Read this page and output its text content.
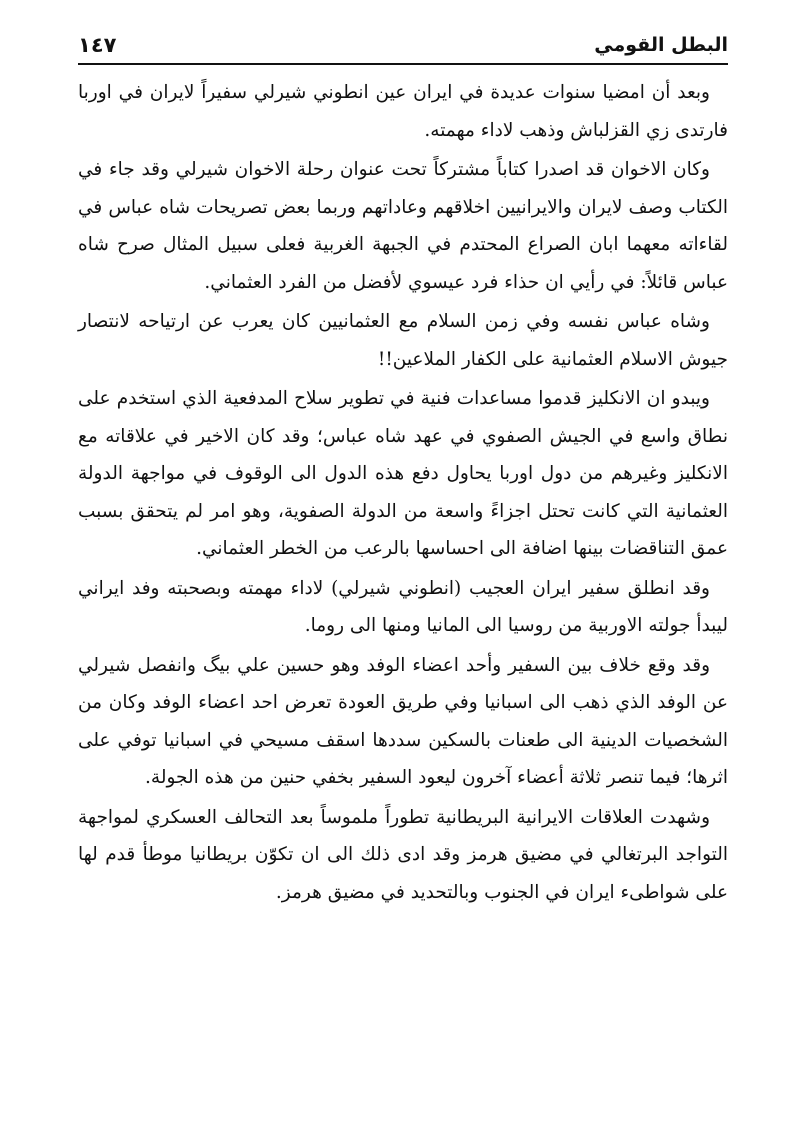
البطل القومي
١٤٧

وبعد أن امضيا سنوات عديدة في ايران عين انطوني شيرلي سفيراً لايران في اوربا فارتدى زي القزلباش وذهب لاداء مهمته.

وكان الاخوان قد اصدرا كتاباً مشتركاً تحت عنوان رحلة الاخوان شيرلي وقد جاء في الكتاب وصف لايران والايرانيين اخلاقهم وعاداتهم وربما بعض تصريحات شاه عباس في لقاءاته معهما ابان الصراع المحتدم في الجبهة الغربية فعلى سبيل المثال صرح شاه عباس قائلاً: في رأيي ان حذاء فرد عيسوي لأفضل من الفرد العثماني.

وشاه عباس نفسه وفي زمن السلام مع العثمانيين كان يعرب عن ارتياحه لانتصار جيوش الاسلام العثمانية على الكفار الملاعين!!

ويبدو ان الانكليز قدموا مساعدات فنية في تطوير سلاح المدفعية الذي استخدم على نطاق واسع في الجيش الصفوي في عهد شاه عباس؛ وقد كان الاخير في علاقاته مع الانكليز وغيرهم من دول اوربا يحاول دفع هذه الدول الى الوقوف في مواجهة الدولة العثمانية التي كانت تحتل اجزاءً واسعة من الدولة الصفوية، وهو امر لم يتحقق بسبب عمق التناقضات بينها اضافة الى احساسها بالرعب من الخطر العثماني.

وقد انطلق سفير ايران العجيب (انطوني شيرلي) لاداء مهمته وبصحبته وفد ايراني ليبدأ جولته الاوربية من روسيا الى المانيا ومنها الى روما.

وقد وقع خلاف بين السفير وأحد اعضاء الوفد وهو حسين علي بيگ وانفصل شيرلي عن الوفد الذي ذهب الى اسبانيا وفي طريق العودة تعرض احد اعضاء الوفد وكان من الشخصيات الدينية الى طعنات بالسكين سددها اسقف مسيحي في اسبانيا توفي على اثرها؛ فيما تنصر ثلاثة أعضاء آخرون ليعود السفير بخفي حنين من هذه الجولة.

وشهدت العلاقات الايرانية البريطانية تطوراً ملموساً بعد التحالف العسكري لمواجهة التواجد البرتغالي في مضيق هرمز وقد ادى ذلك الى ان تكوّن بريطانيا موطأ قدم لها على شواطىء ايران في الجنوب وبالتحديد في مضيق هرمز.
